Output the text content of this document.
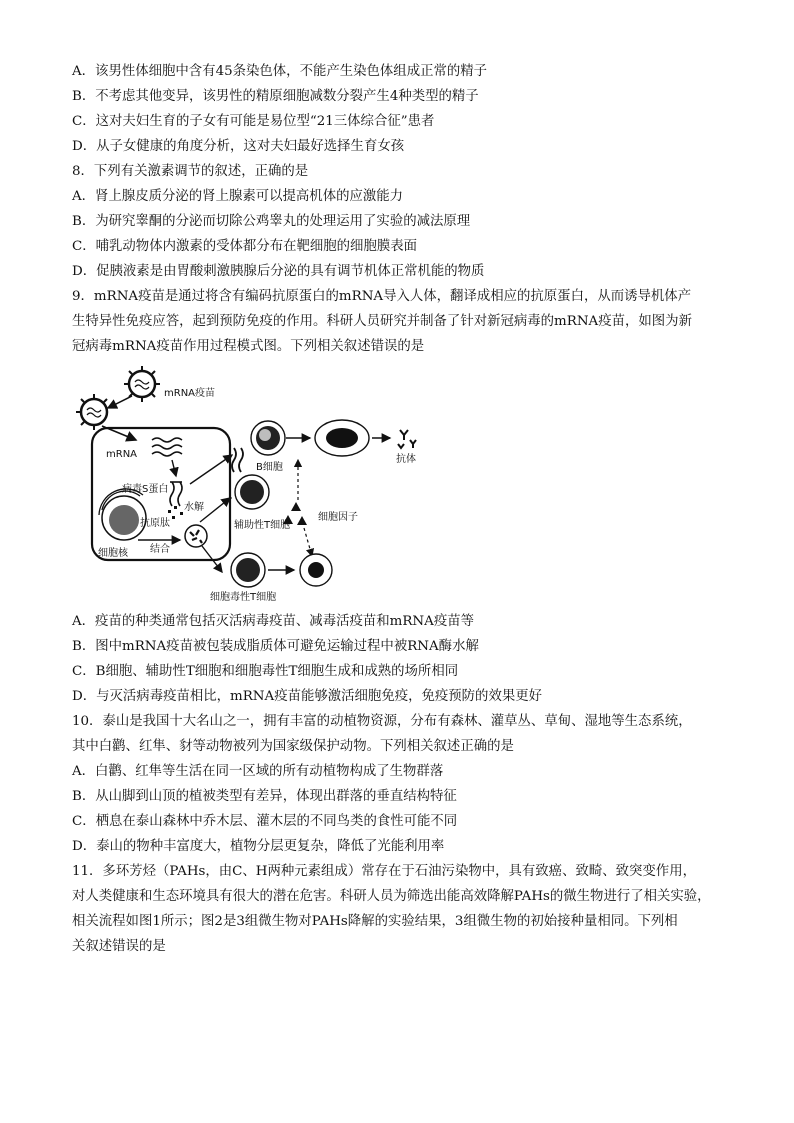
A．该男性体细胞中含有45条染色体，不能产生染色体组成正常的精子
B．不考虑其他变异，该男性的精原细胞减数分裂产生4种类型的精子
C．这对夫妇生育的子女有可能是易位型“21三体综合征”患者
D．从子女健康的角度分析，这对夫妇最好选择生育女孩
8．下列有关激素调节的叙述，正确的是
A．肾上腺皮质分泌的肾上腺素可以提高机体的应激能力
B．为研究睾酮的分泌而切除公鸡睾丸的处理运用了实验的减法原理
C．哺乳动物体内激素的受体都分布在靶细胞的细胞膜表面
D．促胰液素是由胃酸刺激胰腺后分泌的具有调节机体正常机能的物质
9．mRNA疫苗是通过将含有编码抗原蛋白的mRNA导入人体，翻译成相应的抗原蛋白，从而诱导机体产
生特异性免疫应答，起到预防免疫的作用。科研人员研究并制备了针对新冠病毒的mRNA疫苗，如图为新
冠病毒mRNA疫苗作用过程模式图。下列相关叙述错误的是
mRNA疫苗
mRNA
病毒S蛋白
水解
抗原肽
细胞核 结合
B细胞
抗体
细胞因子
辅助性T细胞
细胞毒性T细胞
A．疫苗的种类通常包括灭活病毒疫苗、减毒活疫苗和mRNA疫苗等
B．图中mRNA疫苗被包装成脂质体可避免运输过程中被RNA酶水解
C．B细胞、辅助性T细胞和细胞毒性T细胞生成和成熟的场所相同
D．与灭活病毒疫苗相比，mRNA疫苗能够激活细胞免疫，免疫预防的效果更好
10．泰山是我国十大名山之一，拥有丰富的动植物资源，分布有森林、灌草丛、草甸、湿地等生态系统，
其中白鹳、红隼、豺等动物被列为国家级保护动物。下列相关叙述正确的是
A．白鹳、红隼等生活在同一区域的所有动植物构成了生物群落
B．从山脚到山顶的植被类型有差异，体现出群落的垂直结构特征
C．栖息在泰山森林中乔木层、灌木层的不同鸟类的食性可能不同
D．泰山的物种丰富度大，植物分层更复杂，降低了光能利用率
11．多环芳烃（PAHs，由C、H两种元素组成）常存在于石油污染物中，具有致癌、致畸、致突变作用，
对人类健康和生态环境具有很大的潜在危害。科研人员为筛选出能高效降解PAHs的微生物进行了相关实验，
相关流程如图1所示；图2是3组微生物对PAHs降解的实验结果，3组微生物的初始接种量相同。下列相
关叙述错误的是
